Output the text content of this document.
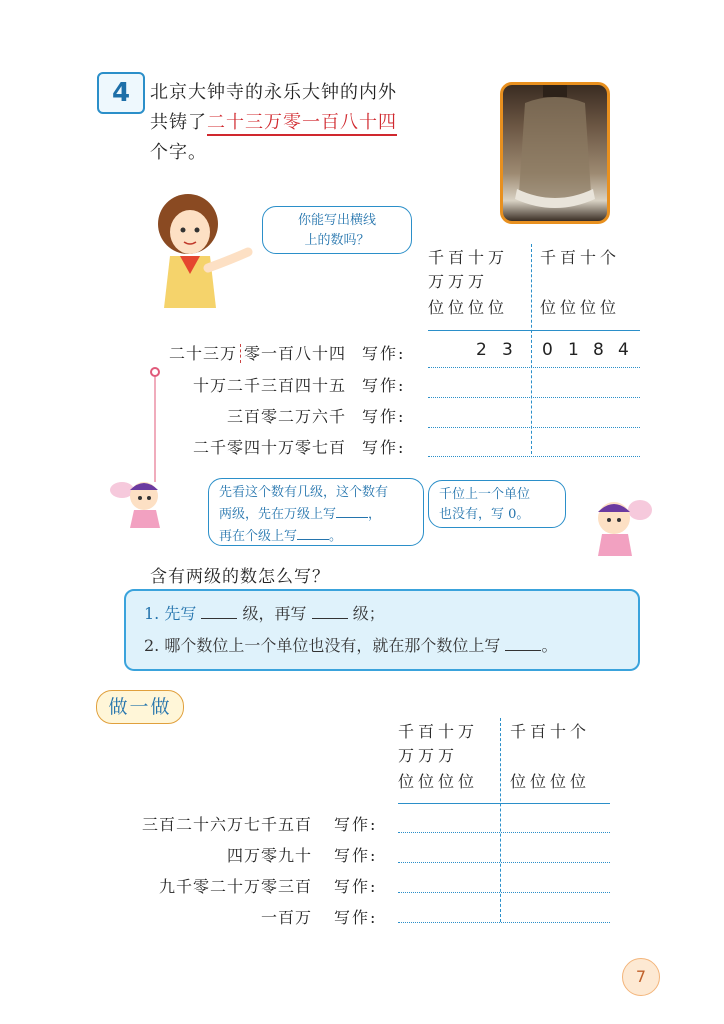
4	北京大钟寺的永乐大钟的内外
共铸了二十三万零一百八十四
个字。
你能写出横线
上的数吗？
千百十万
万万万
位位位位
千百十个
位位位位
二十三万 零一百八十四 写作:	2 3 0 1 8 4
十万二千三百四十五 写作:
三百零二万六千 写作:
二千零四十万零七百 写作:
先看这个数有几级，这个数有
两级，先在万级上写 ，
再在个级上写 。
千位上一个单位
也没有，写 0。
含有两级的数怎么写？
1. 先写	级，再写	级；
2. 哪个数位上一个单位也没有，就在那个数位上写	。
做一做
千百十万
万万万
位位位位
千百十个
位位位位
三百二十六万七千五百 写作:
四万零九十 写作:
九千零二十万零三百 写作:
一百万 写作:
7
